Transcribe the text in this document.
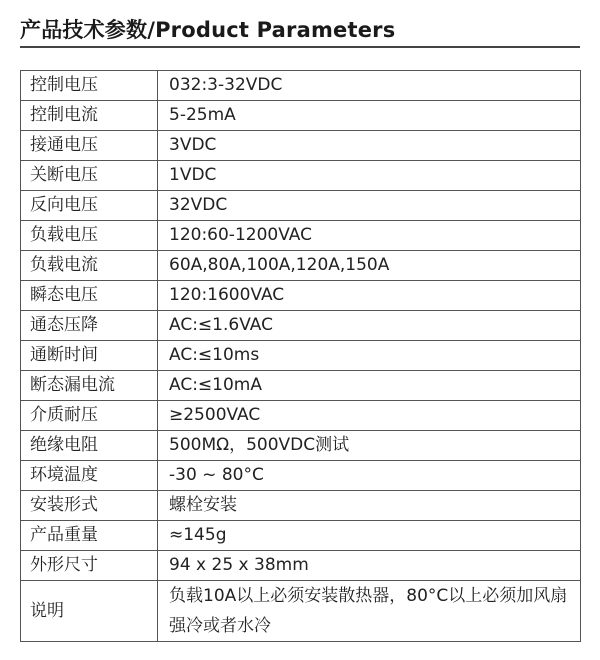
产品技术参数/Product Parameters
控制电压	032:3-32VDC
控制电流	5-25mA
接通电压	3VDC
关断电压	1VDC
反向电压	32VDC
负载电压	120:60-1200VAC
负载电流	60A,80A,100A,120A,150A
瞬态电压	120:1600VAC
通态压降	AC:≤1.6VAC
通断时间	AC:≤10ms
断态漏电流	AC:≤10mA
介质耐压	≥2500VAC
绝缘电阻	500MΩ，500VDC测试
环境温度	-30 ~ 80°C
安装形式	螺栓安装
产品重量	≈145g
外形尺寸	94 x 25 x 38mm
说明	负载10A以上必须安装散热器，80°C以上必须加风扇强冷或者水冷
